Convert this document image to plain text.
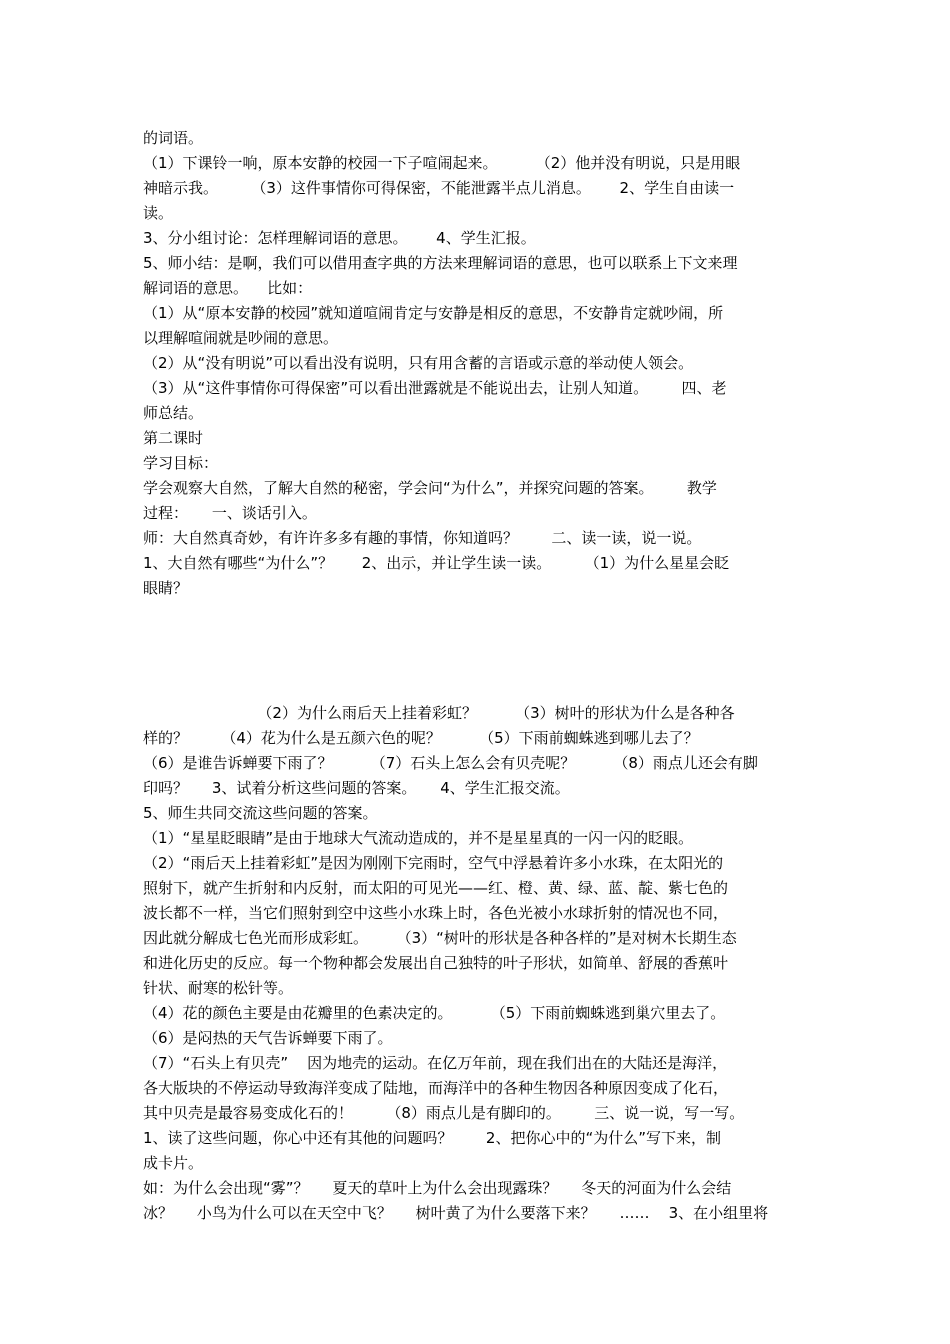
的词语。
（1）下课铃一响，原本安静的校园一下子喧闹起来。        （2）他并没有明说，只是用眼
神暗示我。       （3）这件事情你可得保密，不能泄露半点儿消息。      2、学生自由读一
读。
3、分小组讨论：怎样理解词语的意思。      4、学生汇报。
5、师小结：是啊，我们可以借用查字典的方法来理解词语的意思，也可以联系上下文来理
解词语的意思。    比如：
（1）从“原本安静的校园”就知道喧闹肯定与安静是相反的意思，不安静肯定就吵闹，所
以理解喧闹就是吵闹的意思。
（2）从“没有明说”可以看出没有说明，只有用含蓄的言语或示意的举动使人领会。
（3）从“这件事情你可得保密”可以看出泄露就是不能说出去，让别人知道。       四、老
师总结。
第二课时
学习目标：
学会观察大自然，了解大自然的秘密，学会问“为什么”，并探究问题的答案。       教学
过程：     一、谈话引入。
师：大自然真奇妙，有许许多多有趣的事情，你知道吗？       二、读一读，说一说。
1、大自然有哪些“为什么”？      2、出示，并让学生读一读。       （1）为什么星星会眨
眼睛？
（2）为什么雨后天上挂着彩虹？        （3）树叶的形状为什么是各种各
样的？       （4）花为什么是五颜六色的呢？        （5）下雨前蜘蛛逃到哪儿去了？
（6）是谁告诉蝉要下雨了？        （7）石头上怎么会有贝壳呢？        （8）雨点儿还会有脚
印吗？     3、试着分析这些问题的答案。     4、学生汇报交流。
5、师生共同交流这些问题的答案。
（1）“星星眨眼睛”是由于地球大气流动造成的，并不是星星真的一闪一闪的眨眼。
（2）“雨后天上挂着彩虹”是因为刚刚下完雨时，空气中浮悬着许多小水珠，在太阳光的
照射下，就产生折射和内反射，而太阳的可见光——红、橙、黄、绿、蓝、靛、紫七色的
波长都不一样，当它们照射到空中这些小水珠上时，各色光被小水球折射的情况也不同，
因此就分解成七色光而形成彩虹。      （3）“树叶的形状是各种各样的”是对树木长期生态
和进化历史的反应。每一个物种都会发展出自己独特的叶子形状，如简单、舒展的香蕉叶
针状、耐寒的松针等。
（4）花的颜色主要是由花瓣里的色素决定的。        （5）下雨前蜘蛛逃到巢穴里去了。
（6）是闷热的天气告诉蝉要下雨了。
（7）“石头上有贝壳”    因为地壳的运动。在亿万年前，现在我们出在的大陆还是海洋，
各大版块的不停运动导致海洋变成了陆地，而海洋中的各种生物因各种原因变成了化石，
其中贝壳是最容易变成化石的！       （8）雨点儿是有脚印的。       三、说一说，写一写。
1、读了这些问题，你心中还有其他的问题吗？       2、把你心中的“为什么”写下来，制
成卡片。
如：为什么会出现“雾”？     夏天的草叶上为什么会出现露珠？     冬天的河面为什么会结
冰？     小鸟为什么可以在天空中飞？     树叶黄了为什么要落下来？     ……    3、在小组里将
